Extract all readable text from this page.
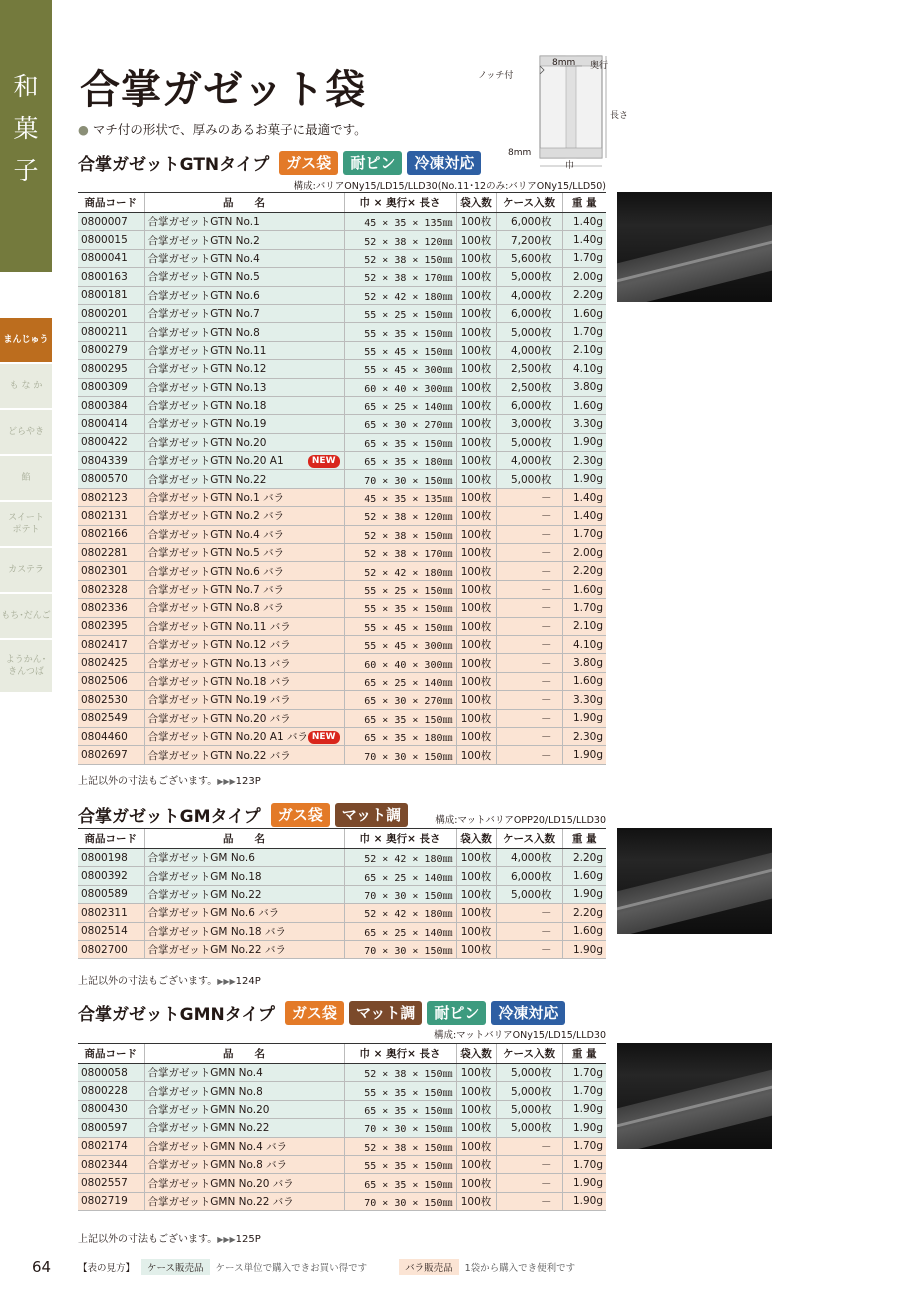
和
菓
子
まんじゅう
も な か
どらやき
餡
スイート
ポテト
カステラ
もち･だんご
ようかん･
きんつば
合掌ガゼット袋

● マチ付の形状で、厚みのあるお菓子に最適です。

ノッチ付
8mm 奥行
長さ
8mm
巾
合掌ガゼットGTNタイプ	ガス袋	耐ピン	冷凍対応
構成:バリアONy15/LD15/LLD30(No.11･12のみ:バリアONy15/LLD50)
商品コード	品　　名	巾 × 奥行× 長さ	袋入数	ケース入数	重 量
0800007	合掌ガゼットGTN No.1	45 × 35 × 135㎜	100枚	6,000枚	1.40g
0800015	合掌ガゼットGTN No.2	52 × 38 × 120㎜	100枚	7,200枚	1.40g
0800041	合掌ガゼットGTN No.4	52 × 38 × 150㎜	100枚	5,600枚	1.70g
0800163	合掌ガゼットGTN No.5	52 × 38 × 170㎜	100枚	5,000枚	2.00g
0800181	合掌ガゼットGTN No.6	52 × 42 × 180㎜	100枚	4,000枚	2.20g
0800201	合掌ガゼットGTN No.7	55 × 25 × 150㎜	100枚	6,000枚	1.60g
0800211	合掌ガゼットGTN No.8	55 × 35 × 150㎜	100枚	5,000枚	1.70g
0800279	合掌ガゼットGTN No.11	55 × 45 × 150㎜	100枚	4,000枚	2.10g
0800295	合掌ガゼットGTN No.12	55 × 45 × 300㎜	100枚	2,500枚	4.10g
0800309	合掌ガゼットGTN No.13	60 × 40 × 300㎜	100枚	2,500枚	3.80g
0800384	合掌ガゼットGTN No.18	65 × 25 × 140㎜	100枚	6,000枚	1.60g
0800414	合掌ガゼットGTN No.19	65 × 30 × 270㎜	100枚	3,000枚	3.30g
0800422	合掌ガゼットGTN No.20	65 × 35 × 150㎜	100枚	5,000枚	1.90g
0804339	合掌ガゼットGTN No.20 A1 NEW	65 × 35 × 180㎜	100枚	4,000枚	2.30g
0800570	合掌ガゼットGTN No.22	70 × 30 × 150㎜	100枚	5,000枚	1.90g
0802123	合掌ガゼットGTN No.1 バラ	45 × 35 × 135㎜	100枚	－	1.40g
0802131	合掌ガゼットGTN No.2 バラ	52 × 38 × 120㎜	100枚	－	1.40g
0802166	合掌ガゼットGTN No.4 バラ	52 × 38 × 150㎜	100枚	－	1.70g
0802281	合掌ガゼットGTN No.5 バラ	52 × 38 × 170㎜	100枚	－	2.00g
0802301	合掌ガゼットGTN No.6 バラ	52 × 42 × 180㎜	100枚	－	2.20g
0802328	合掌ガゼットGTN No.7 バラ	55 × 25 × 150㎜	100枚	－	1.60g
0802336	合掌ガゼットGTN No.8 バラ	55 × 35 × 150㎜	100枚	－	1.70g
0802395	合掌ガゼットGTN No.11 バラ	55 × 45 × 150㎜	100枚	－	2.10g
0802417	合掌ガゼットGTN No.12 バラ	55 × 45 × 300㎜	100枚	－	4.10g
0802425	合掌ガゼットGTN No.13 バラ	60 × 40 × 300㎜	100枚	－	3.80g
0802506	合掌ガゼットGTN No.18 バラ	65 × 25 × 140㎜	100枚	－	1.60g
0802530	合掌ガゼットGTN No.19 バラ	65 × 30 × 270㎜	100枚	－	3.30g
0802549	合掌ガゼットGTN No.20 バラ	65 × 35 × 150㎜	100枚	－	1.90g
0804460	合掌ガゼットGTN No.20 A1 バラ NEW	65 × 35 × 180㎜	100枚	－	2.30g
0802697	合掌ガゼットGTN No.22 バラ	70 × 30 × 150㎜	100枚	－	1.90g
上記以外の寸法もございます。▶▶▶123P
合掌ガゼットGMタイプ	ガス袋	マット調	構成:マットバリアOPP20/LD15/LLD30
商品コード	品　　名	巾 × 奥行× 長さ	袋入数	ケース入数	重 量
0800198	合掌ガゼットGM No.6	52 × 42 × 180㎜	100枚	4,000枚	2.20g
0800392	合掌ガゼットGM No.18	65 × 25 × 140㎜	100枚	6,000枚	1.60g
0800589	合掌ガゼットGM No.22	70 × 30 × 150㎜	100枚	5,000枚	1.90g
0802311	合掌ガゼットGM No.6 バラ	52 × 42 × 180㎜	100枚	－	2.20g
0802514	合掌ガゼットGM No.18 バラ	65 × 25 × 140㎜	100枚	－	1.60g
0802700	合掌ガゼットGM No.22 バラ	70 × 30 × 150㎜	100枚	－	1.90g
上記以外の寸法もございます。▶▶▶124P
合掌ガゼットGMNタイプ	ガス袋	マット調	耐ピン	冷凍対応
構成:マットバリアONy15/LD15/LLD30
商品コード	品　　名	巾 × 奥行× 長さ	袋入数	ケース入数	重 量
0800058	合掌ガゼットGMN No.4	52 × 38 × 150㎜	100枚	5,000枚	1.70g
0800228	合掌ガゼットGMN No.8	55 × 35 × 150㎜	100枚	5,000枚	1.70g
0800430	合掌ガゼットGMN No.20	65 × 35 × 150㎜	100枚	5,000枚	1.90g
0800597	合掌ガゼットGMN No.22	70 × 30 × 150㎜	100枚	5,000枚	1.90g
0802174	合掌ガゼットGMN No.4 バラ	52 × 38 × 150㎜	100枚	－	1.70g
0802344	合掌ガゼットGMN No.8 バラ	55 × 35 × 150㎜	100枚	－	1.70g
0802557	合掌ガゼットGMN No.20 バラ	65 × 35 × 150㎜	100枚	－	1.90g
0802719	合掌ガゼットGMN No.22 バラ	70 × 30 × 150㎜	100枚	－	1.90g
上記以外の寸法もございます。▶▶▶125P
64	【表の見方】	ケース販売品	ケース単位で購入できお買い得です	バラ販売品	1袋から購入でき便利です
